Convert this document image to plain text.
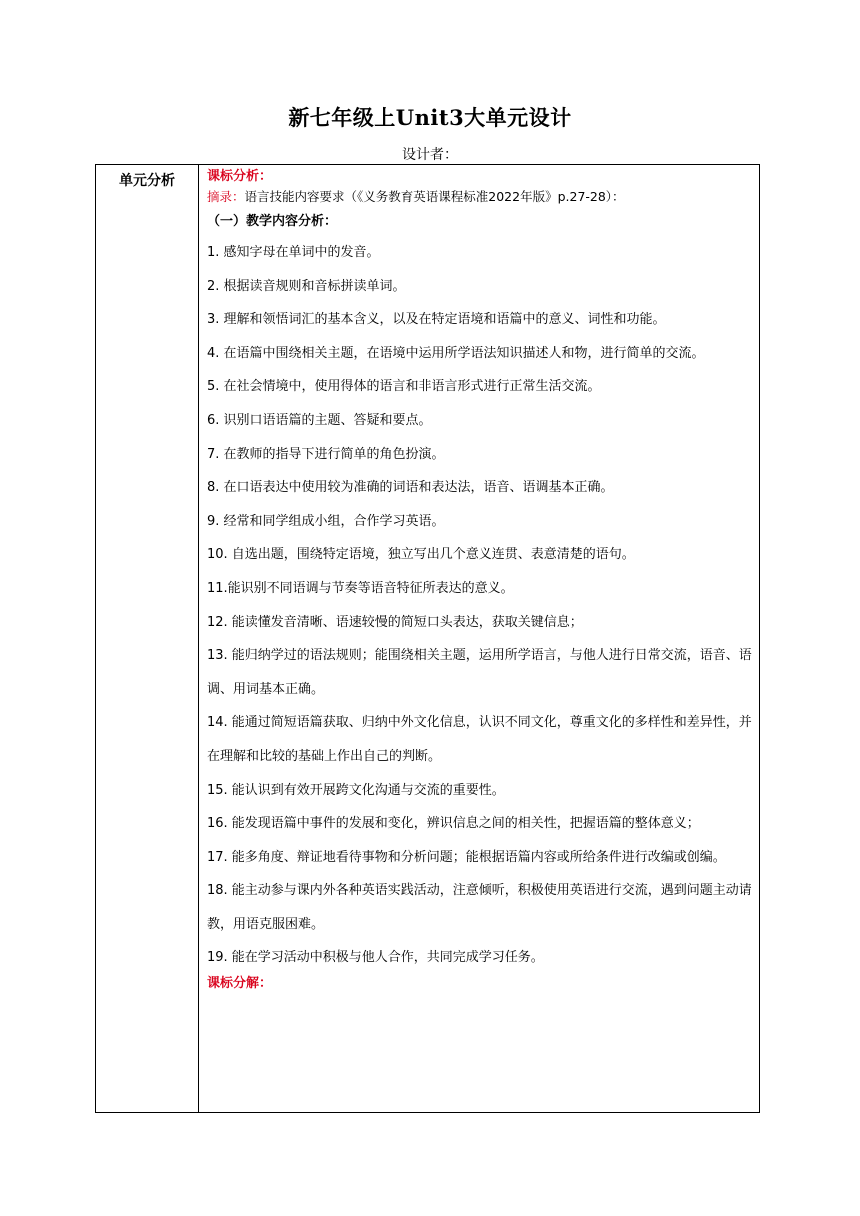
新七年级上Unit3大单元设计
设计者：
单元分析	课标分析：
摘录：语言技能内容要求（《义务教育英语课程标准2022年版》p.27-28）：
（一）教学内容分析：
1. 感知字母在单词中的发音。
2. 根据读音规则和音标拼读单词。
3. 理解和领悟词汇的基本含义，以及在特定语境和语篇中的意义、词性和功能。
4. 在语篇中围绕相关主题，在语境中运用所学语法知识描述人和物，进行简单的交流。
5. 在社会情境中，使用得体的语言和非语言形式进行正常生活交流。
6. 识别口语语篇的主题、答疑和要点。
7. 在教师的指导下进行简单的角色扮演。
8. 在口语表达中使用较为准确的词语和表达法，语音、语调基本正确。
9. 经常和同学组成小组，合作学习英语。
10. 自选出题，围绕特定语境，独立写出几个意义连贯、表意清楚的语句。
11.能识别不同语调与节奏等语音特征所表达的意义。
12. 能读懂发音清晰、语速较慢的简短口头表达，获取关键信息；
13. 能归纳学过的语法规则；能围绕相关主题，运用所学语言，与他人进行日常交流，语音、语调、用词基本正确。
14. 能通过简短语篇获取、归纳中外文化信息，认识不同文化，尊重文化的多样性和差异性，并在理解和比较的基础上作出自己的判断。
15. 能认识到有效开展跨文化沟通与交流的重要性。
16. 能发现语篇中事件的发展和变化，辨识信息之间的相关性，把握语篇的整体意义；
17. 能多角度、辩证地看待事物和分析问题；能根据语篇内容或所给条件进行改编或创编。
18. 能主动参与课内外各种英语实践活动，注意倾听，积极使用英语进行交流，遇到问题主动请教，用语克服困难。
19. 能在学习活动中积极与他人合作，共同完成学习任务。
课标分解：
